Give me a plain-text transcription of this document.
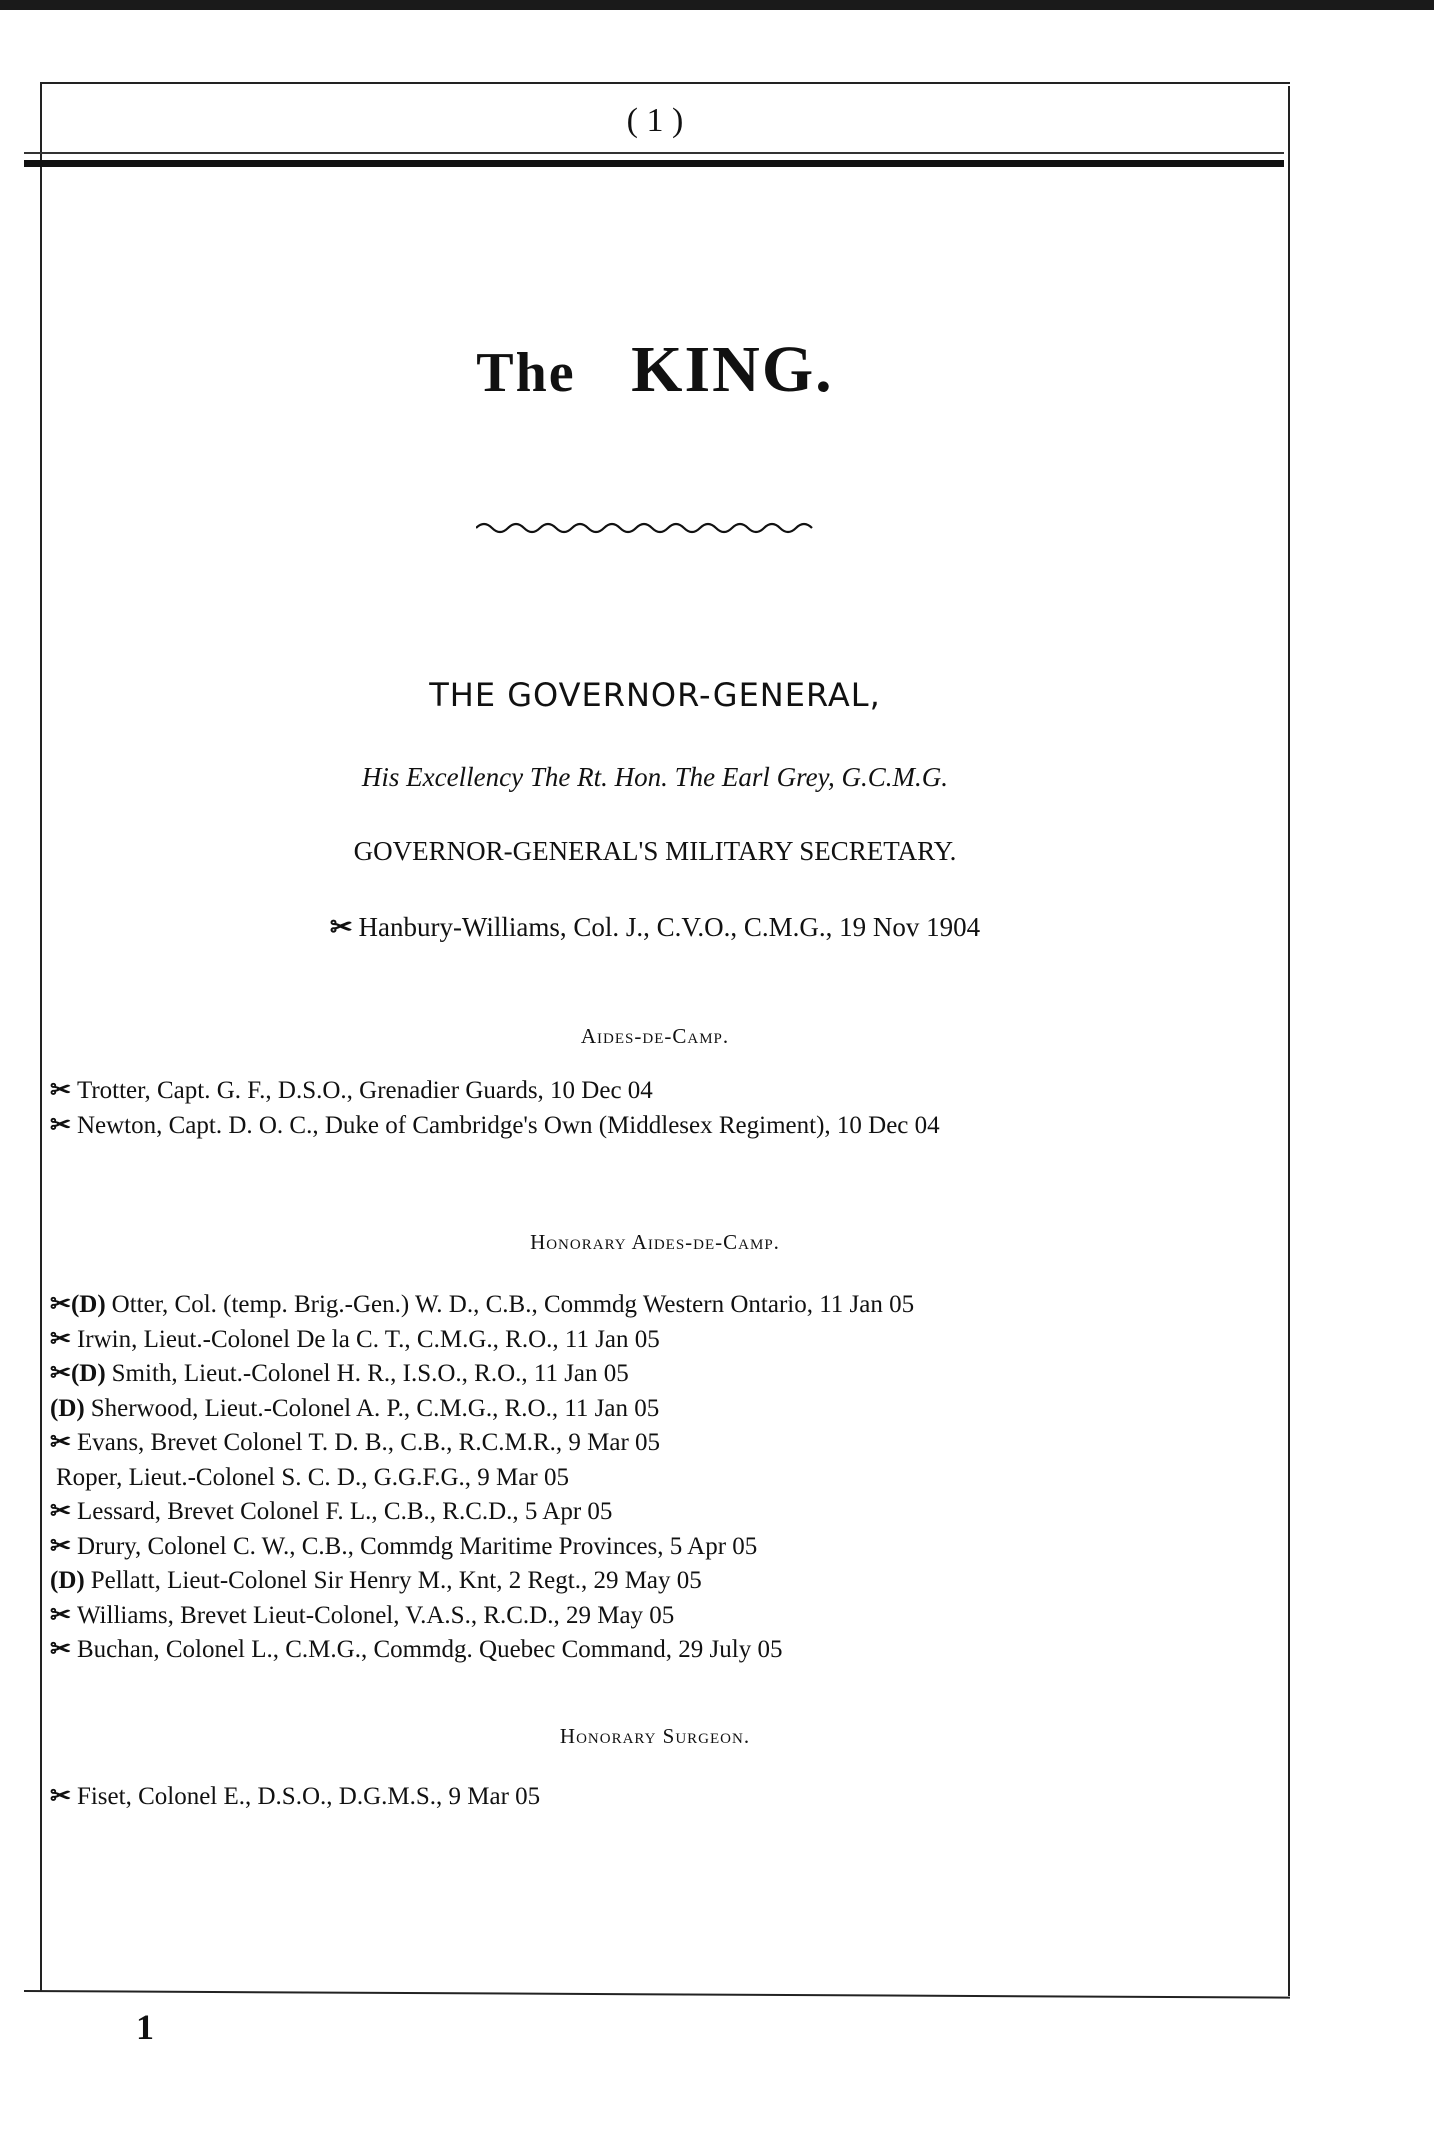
( 1 )
The KING.
THE GOVERNOR-GENERAL,
His Excellency The Rt. Hon. The Earl Grey, G.C.M.G.
GOVERNOR-GENERAL'S MILITARY SECRETARY.
✂ Hanbury-Williams, Col. J., C.V.O., C.M.G., 19 Nov 1904
Aides-de-Camp.
✂ Trotter, Capt. G. F., D.S.O., Grenadier Guards, 10 Dec 04
✂ Newton, Capt. D. O. C., Duke of Cambridge's Own (Middlesex Regiment), 10 Dec 04
Honorary Aides-de-Camp.
✂(D) Otter, Col. (temp. Brig.-Gen.) W. D., C.B., Commdg Western Ontario, 11 Jan 05
✂ Irwin, Lieut.-Colonel De la C. T., C.M.G., R.O., 11 Jan 05
✂(D) Smith, Lieut.-Colonel H. R., I.S.O., R.O., 11 Jan 05
(D) Sherwood, Lieut.-Colonel A. P., C.M.G., R.O., 11 Jan 05
✂ Evans, Brevet Colonel T. D. B., C.B., R.C.M.R., 9 Mar 05
Roper, Lieut.-Colonel S. C. D., G.G.F.G., 9 Mar 05
✂ Lessard, Brevet Colonel F. L., C.B., R.C.D., 5 Apr 05
✂ Drury, Colonel C. W., C.B., Commdg Maritime Provinces, 5 Apr 05
(D) Pellatt, Lieut-Colonel Sir Henry M., Knt, 2 Regt., 29 May 05
✂ Williams, Brevet Lieut-Colonel, V.A.S., R.C.D., 29 May 05
✂ Buchan, Colonel L., C.M.G., Commdg. Quebec Command, 29 July 05
Honorary Surgeon.
✂ Fiset, Colonel E., D.S.O., D.G.M.S., 9 Mar 05
1
